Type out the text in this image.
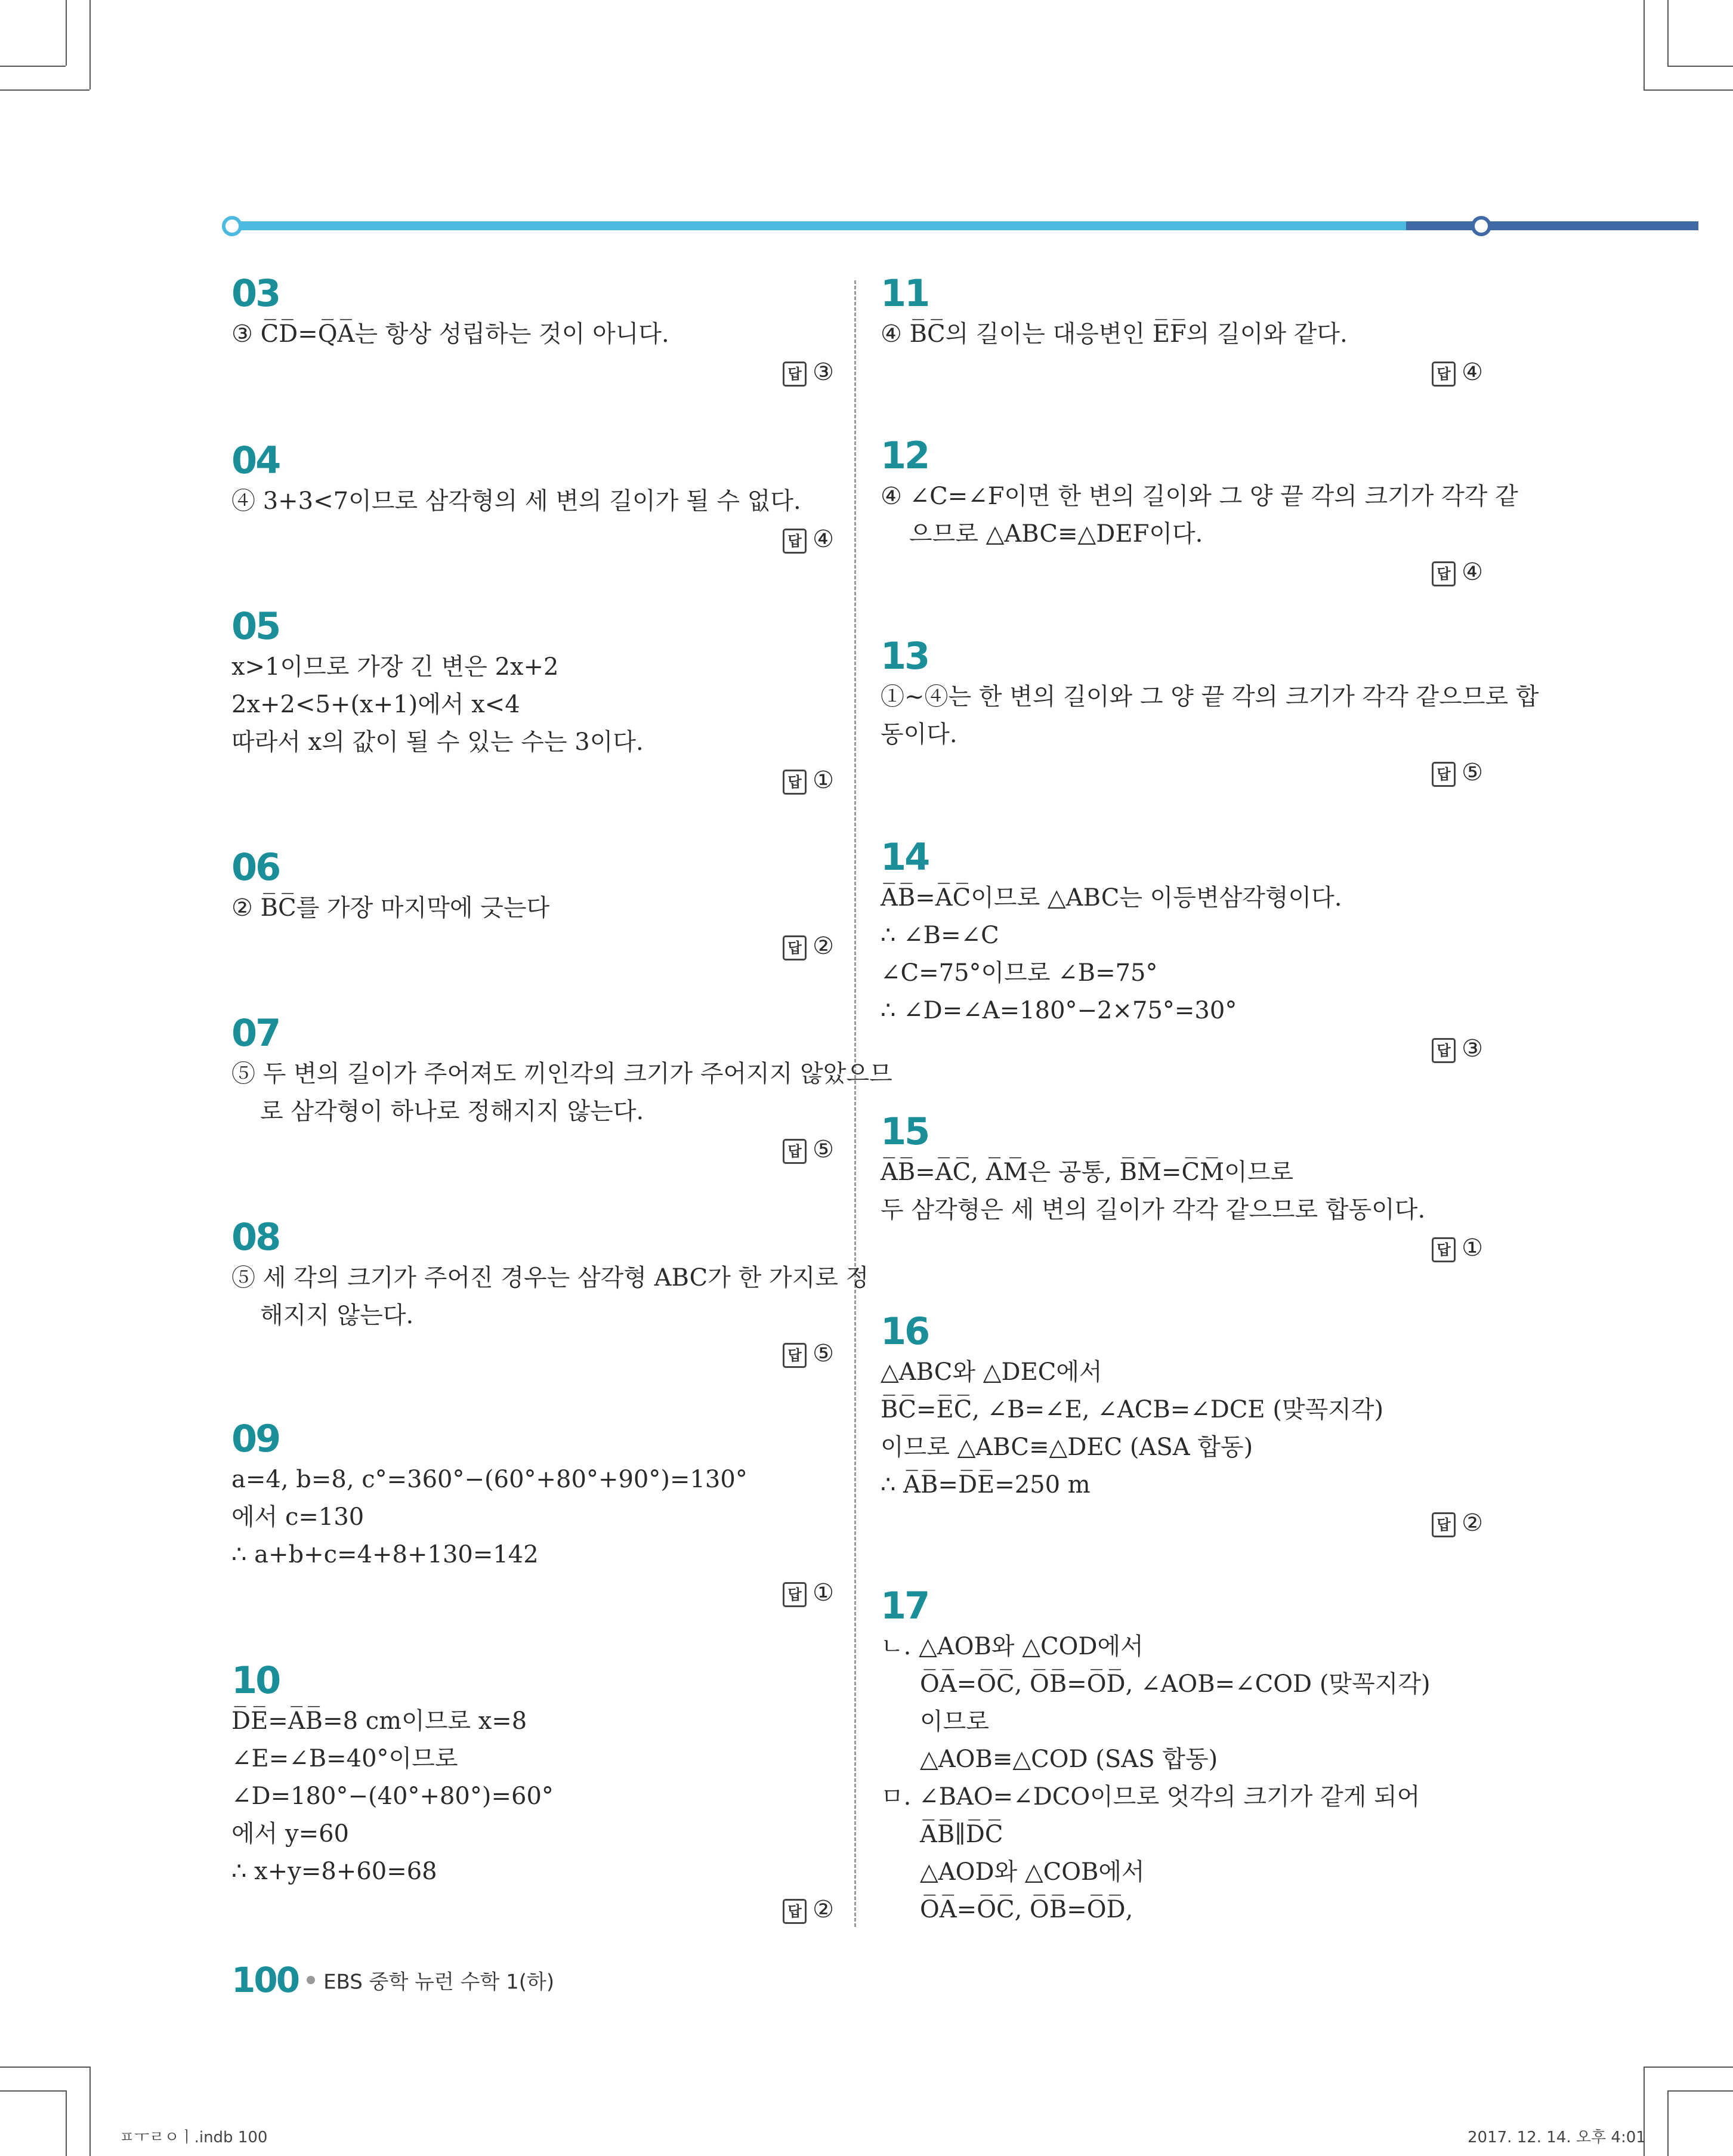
03
③ C̅D̅=Q̅A̅는 항상 성립하는 것이 아니다.
답 ③
04
④ 3+3<7이므로 삼각형의 세 변의 길이가 될 수 없다.
답 ④
05
x>1이므로 가장 긴 변은 2x+2
2x+2<5+(x+1)에서 x<4
따라서 x의 값이 될 수 있는 수는 3이다.
답 ①
06
② B̅C̅를 가장 마지막에 긋는다
답 ②
07
⑤ 두 변의 길이가 주어져도 끼인각의 크기가 주어지지 않았으므
로 삼각형이 하나로 정해지지 않는다.
답 ⑤
08
⑤ 세 각의 크기가 주어진 경우는 삼각형 ABC가 한 가지로 정
해지지 않는다.
답 ⑤
09
a=4, b=8, c°=360°−(60°+80°+90°)=130°
에서 c=130
∴ a+b+c=4+8+130=142
답 ①
10
D̅E̅=A̅B̅=8 cm이므로 x=8
∠E=∠B=40°이므로
∠D=180°−(40°+80°)=60°
에서 y=60
∴ x+y=8+60=68
답 ②
11
④ B̅C̅의 길이는 대응변인 E̅F̅의 길이와 같다.
답 ④
12
④ ∠C=∠F이면 한 변의 길이와 그 양 끝 각의 크기가 각각 같
으므로 △ABC≡△DEF이다.
답 ④
13
①~④는 한 변의 길이와 그 양 끝 각의 크기가 각각 같으므로 합
동이다.
답 ⑤
14
A̅B̅=A̅C̅이므로 △ABC는 이등변삼각형이다.
∴ ∠B=∠C
∠C=75°이므로 ∠B=75°
∴ ∠D=∠A=180°−2×75°=30°
답 ③
15
A̅B̅=A̅C̅, A̅M̅은 공통, B̅M̅=C̅M̅이므로
두 삼각형은 세 변의 길이가 각각 같으므로 합동이다.
답 ①
16
△ABC와 △DEC에서
B̅C̅=E̅C̅, ∠B=∠E, ∠ACB=∠DCE (맞꼭지각)
이므로 △ABC≡△DEC (ASA 합동)
∴ A̅B̅=D̅E̅=250 m
답 ②
17
ㄴ. △AOB와 △COD에서
O̅A̅=O̅C̅, O̅B̅=O̅D̅, ∠AOB=∠COD (맞꼭지각)
이므로
△AOB≡△COD (SAS 합동)
ㅁ. ∠BAO=∠DCO이므로 엇각의 크기가 같게 되어
A̅B̅∥D̅C̅
△AOD와 △COB에서
O̅A̅=O̅C̅, O̅B̅=O̅D̅,
100 EBS 중학 뉴런 수학 1(하)
ㅍㅜㄹㅇㅣ.indb 100	2017. 12. 14. 오후 4:01
